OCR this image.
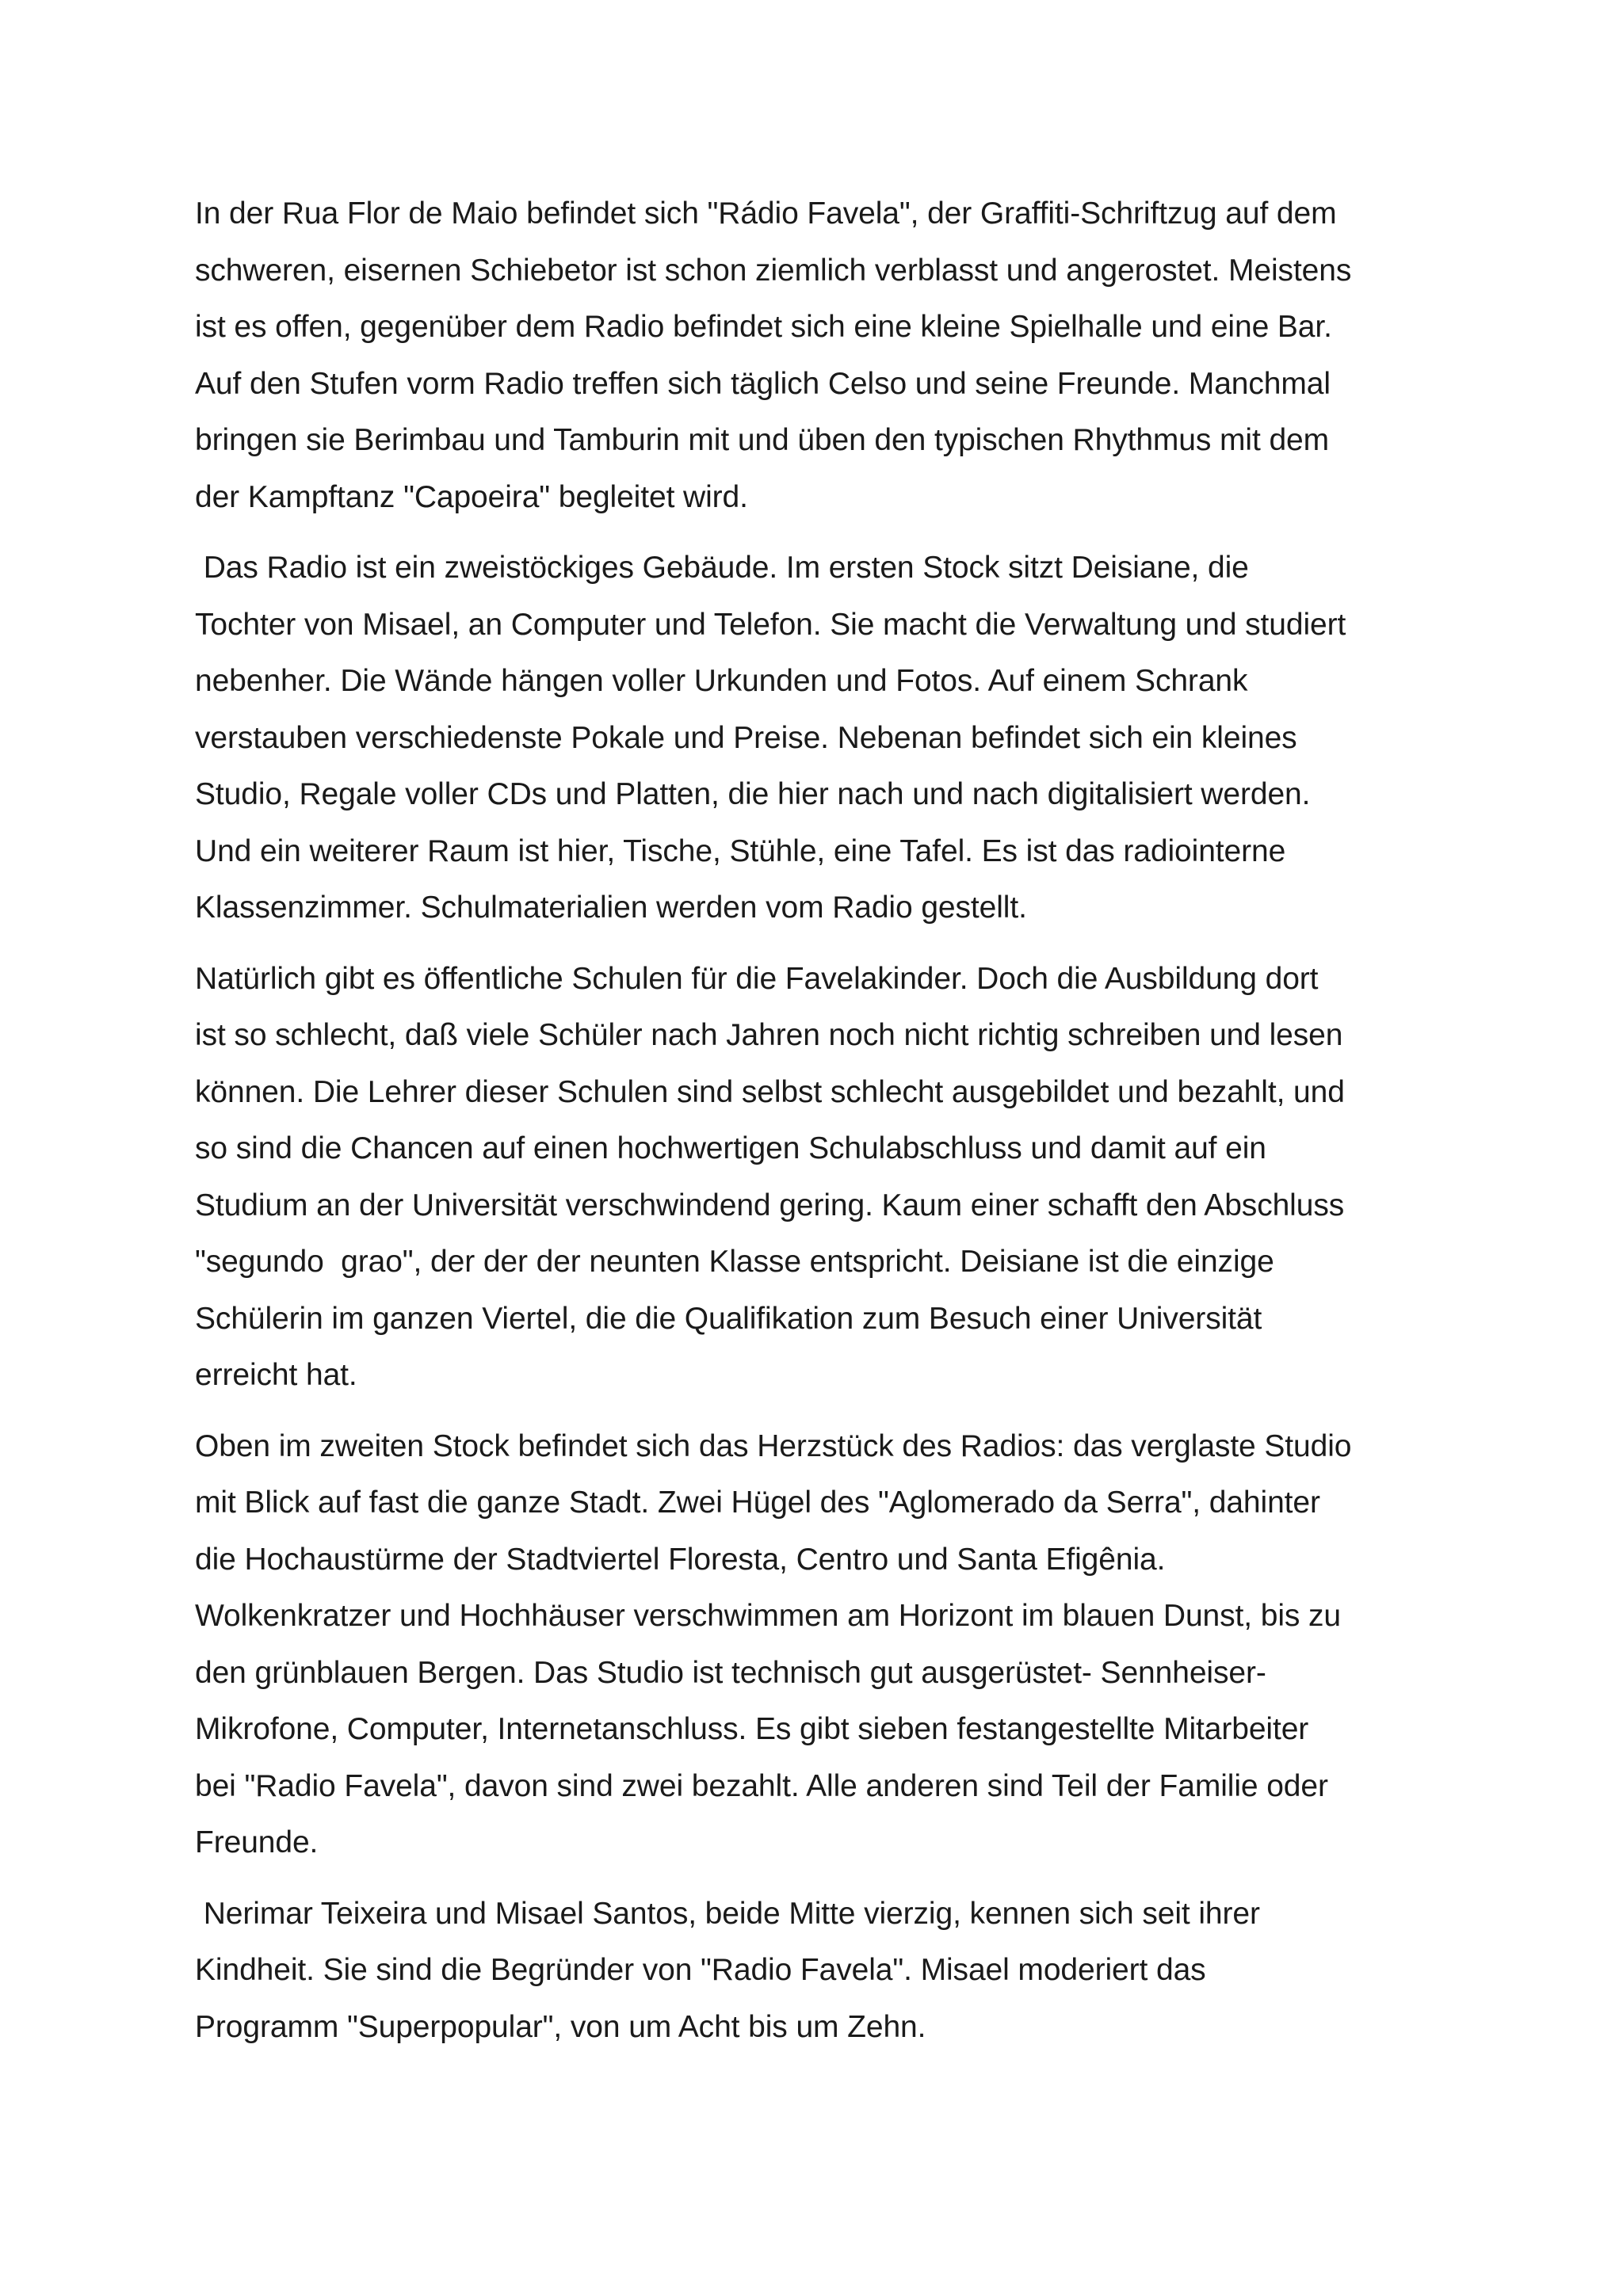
In der Rua Flor de Maio befindet sich "Rádio Favela", der Graffiti-Schriftzug auf dem
schweren, eisernen Schiebetor ist schon ziemlich verblasst und angerostet. Meistens
ist es offen, gegenüber dem Radio befindet sich eine kleine Spielhalle und eine Bar.
Auf den Stufen vorm Radio treffen sich täglich Celso und seine Freunde. Manchmal
bringen sie Berimbau und Tamburin mit und üben den typischen Rhythmus mit dem
der Kampftanz "Capoeira" begleitet wird.

Das Radio ist ein zweistöckiges Gebäude. Im ersten Stock sitzt Deisiane, die
Tochter von Misael, an Computer und Telefon. Sie macht die Verwaltung und studiert
nebenher. Die Wände hängen voller Urkunden und Fotos. Auf einem Schrank
verstauben verschiedenste Pokale und Preise. Nebenan befindet sich ein kleines
Studio, Regale voller CDs und Platten, die hier nach und nach digitalisiert werden.
Und ein weiterer Raum ist hier, Tische, Stühle, eine Tafel. Es ist das radiointerne
Klassenzimmer. Schulmaterialien werden vom Radio gestellt.

Natürlich gibt es öffentliche Schulen für die Favelakinder. Doch die Ausbildung dort
ist so schlecht, daß viele Schüler nach Jahren noch nicht richtig schreiben und lesen
können. Die Lehrer dieser Schulen sind selbst schlecht ausgebildet und bezahlt, und
so sind die Chancen auf einen hochwertigen Schulabschluss und damit auf ein
Studium an der Universität verschwindend gering. Kaum einer schafft den Abschluss
"segundo  grao", der der der neunten Klasse entspricht. Deisiane ist die einzige
Schülerin im ganzen Viertel, die die Qualifikation zum Besuch einer Universität
erreicht hat.

Oben im zweiten Stock befindet sich das Herzstück des Radios: das verglaste Studio
mit Blick auf fast die ganze Stadt. Zwei Hügel des "Aglomerado da Serra", dahinter
die Hochaustürme der Stadtviertel Floresta, Centro und Santa Efigênia.
Wolkenkratzer und Hochhäuser verschwimmen am Horizont im blauen Dunst, bis zu
den grünblauen Bergen. Das Studio ist technisch gut ausgerüstet- Sennheiser-
Mikrofone, Computer, Internetanschluss. Es gibt sieben festangestellte Mitarbeiter
bei "Radio Favela", davon sind zwei bezahlt. Alle anderen sind Teil der Familie oder
Freunde.

Nerimar Teixeira und Misael Santos, beide Mitte vierzig, kennen sich seit ihrer
Kindheit. Sie sind die Begründer von "Radio Favela". Misael moderiert das
Programm "Superpopular", von um Acht bis um Zehn.
